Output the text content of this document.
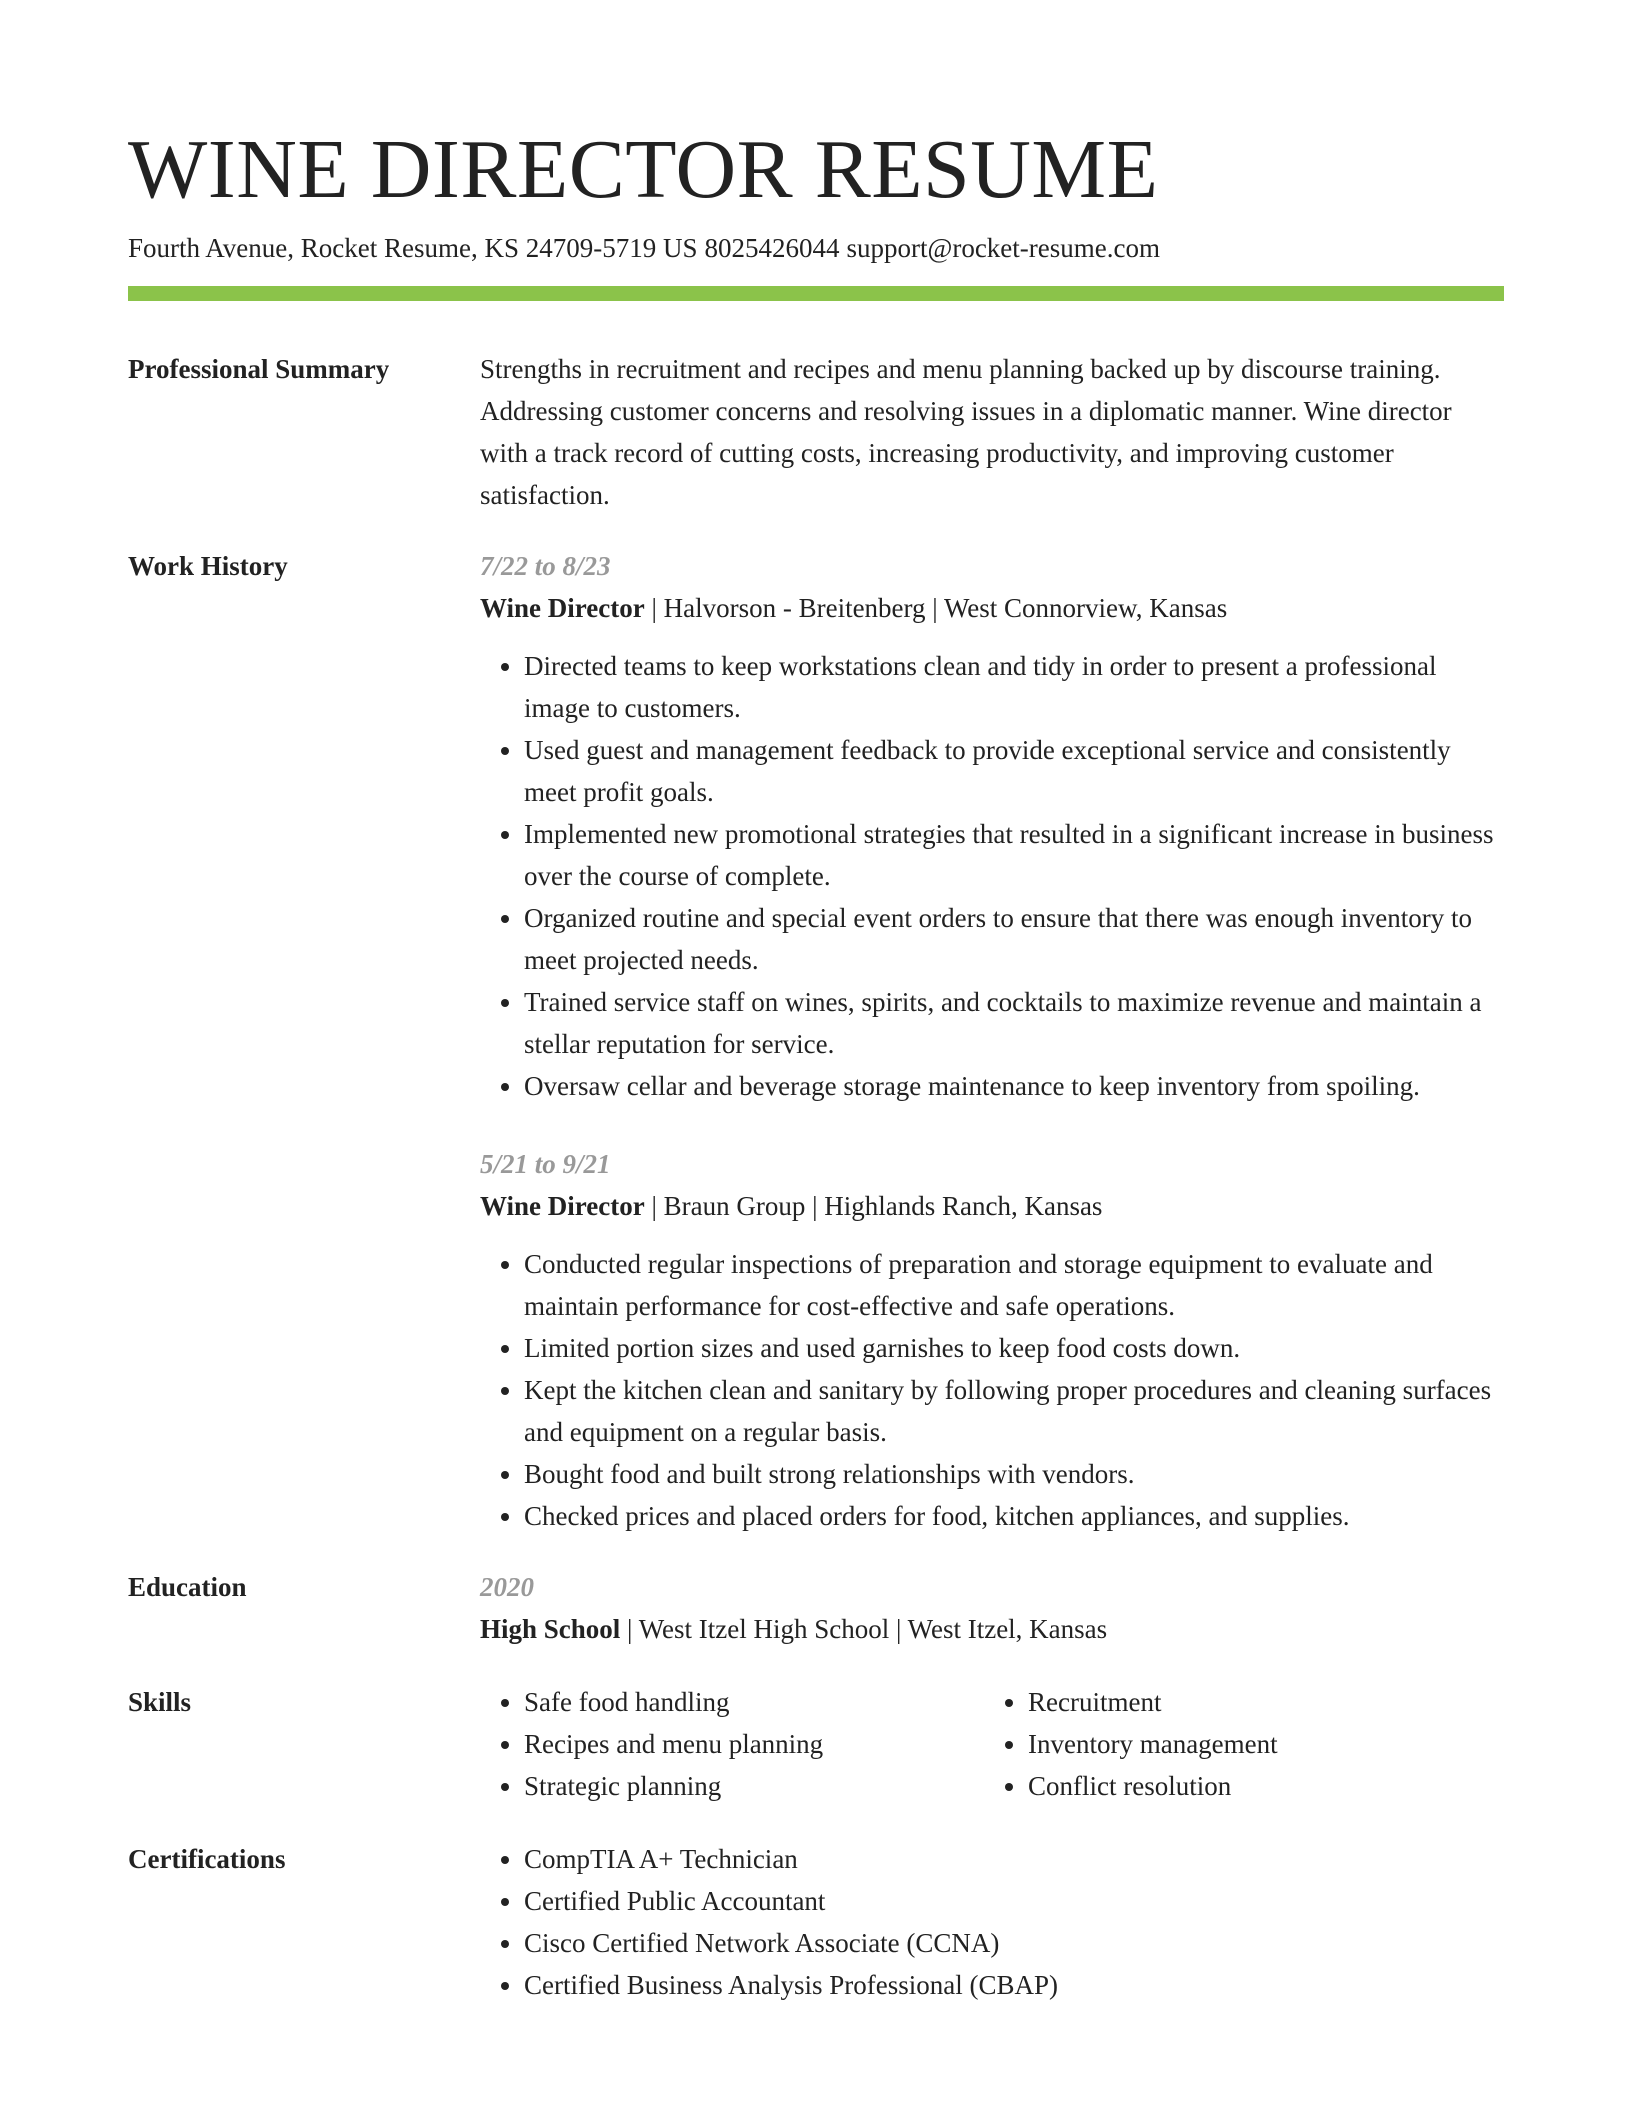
WINE DIRECTOR RESUME
Fourth Avenue, Rocket Resume, KS 24709-5719 US 8025426044 support@rocket-resume.com
Professional Summary	Strengths in recruitment and recipes and menu planning backed up by discourse training. Addressing customer concerns and resolving issues in a diplomatic manner. Wine director with a track record of cutting costs, increasing productivity, and improving customer satisfaction.

Work History	7/22 to 8/23
Wine Director | Halvorson - Breitenberg | West Connorview, Kansas
• Directed teams to keep workstations clean and tidy in order to present a professional image to customers.
• Used guest and management feedback to provide exceptional service and consistently meet profit goals.
• Implemented new promotional strategies that resulted in a significant increase in business over the course of complete.
• Organized routine and special event orders to ensure that there was enough inventory to meet projected needs.
• Trained service staff on wines, spirits, and cocktails to maximize revenue and maintain a stellar reputation for service.
• Oversaw cellar and beverage storage maintenance to keep inventory from spoiling.
5/21 to 9/21
Wine Director | Braun Group | Highlands Ranch, Kansas
• Conducted regular inspections of preparation and storage equipment to evaluate and maintain performance for cost-effective and safe operations.
• Limited portion sizes and used garnishes to keep food costs down.
• Kept the kitchen clean and sanitary by following proper procedures and cleaning surfaces and equipment on a regular basis.
• Bought food and built strong relationships with vendors.
• Checked prices and placed orders for food, kitchen appliances, and supplies.
Education	2020
High School | West Itzel High School | West Itzel, Kansas
Skills	• Safe food handling
• Recipes and menu planning
• Strategic planning
• Recruitment
• Inventory management
• Conflict resolution
Certifications	• CompTIA A+ Technician
• Certified Public Accountant
• Cisco Certified Network Associate (CCNA)
• Certified Business Analysis Professional (CBAP)
